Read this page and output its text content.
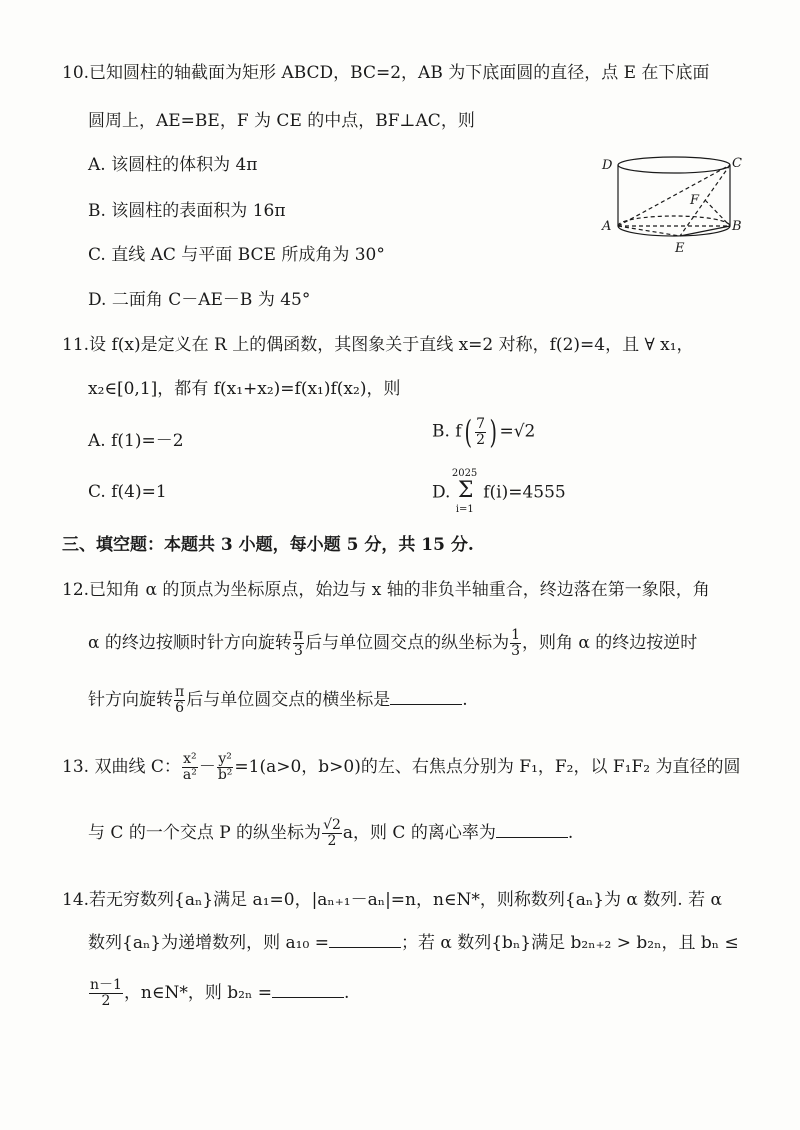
10.已知圆柱的轴截面为矩形 ABCD，BC=2，AB 为下底面圆的直径，点 E 在下底面
圆周上，AE=BE，F 为 CE 的中点，BF⊥AC，则
A. 该圆柱的体积为 4π
B. 该圆柱的表面积为 16π
C. 直线 AC 与平面 BCE 所成角为 30°
D. 二面角 C－AE－B 为 45°
D	C
A	B
E
F
11.设 f(x)是定义在 R 上的偶函数，其图象关于直线 x=2 对称，f(2)=4，且 ∀ x₁，
x₂∈[0,1]，都有 f(x₁+x₂)=f(x₁)f(x₂)，则
A. f(1)=－2	B. $f( \frac{7}{2}$ ) =√2
C. f(4)=1	D.
2025
Σ
i=1
f(i)=4555
三、填空题：本题共 3 小题，每小题 5 分，共 15 分.
12.已知角 α 的顶点为坐标原点，始边与 x 轴的非负半轴重合，终边落在第一象限，角
α 的终边按顺时针方向旋转 $\frac{\pi}{3}$ 后与单位圆交点的纵坐标为 $\frac{1}{3}$ ，则角 α 的终边按逆时
针方向旋转 $\frac{\pi}{6}$ 后与单位圆交点的横坐标是	.
13. 双曲线 C： $\frac{\text{x²}}{\text{a²}} - \frac{\text{y²}}{\text{b²}} =1(a>0$，b>0)的左、右焦点分别为 F₁，F₂，以 F₁F₂ 为直径的圆
与 C 的一个交点 P 的纵坐标为 $\frac{√2}{2}$ a，则 C 的离心率为	.
14.若无穷数列{aₙ}满足 a₁=0，|aₙ₊₁－aₙ|=n，n∈N*，则称数列{aₙ}为 α 数列. 若 α
数列{aₙ}为递增数列，则 a₁₀ =	；若 α 数列{bₙ}满足 b₂ₙ₊₂ > b₂ₙ，且 bₙ ≤
$\frac{n-1}{2}$ ，n∈N*，则 b₂ₙ =	.
